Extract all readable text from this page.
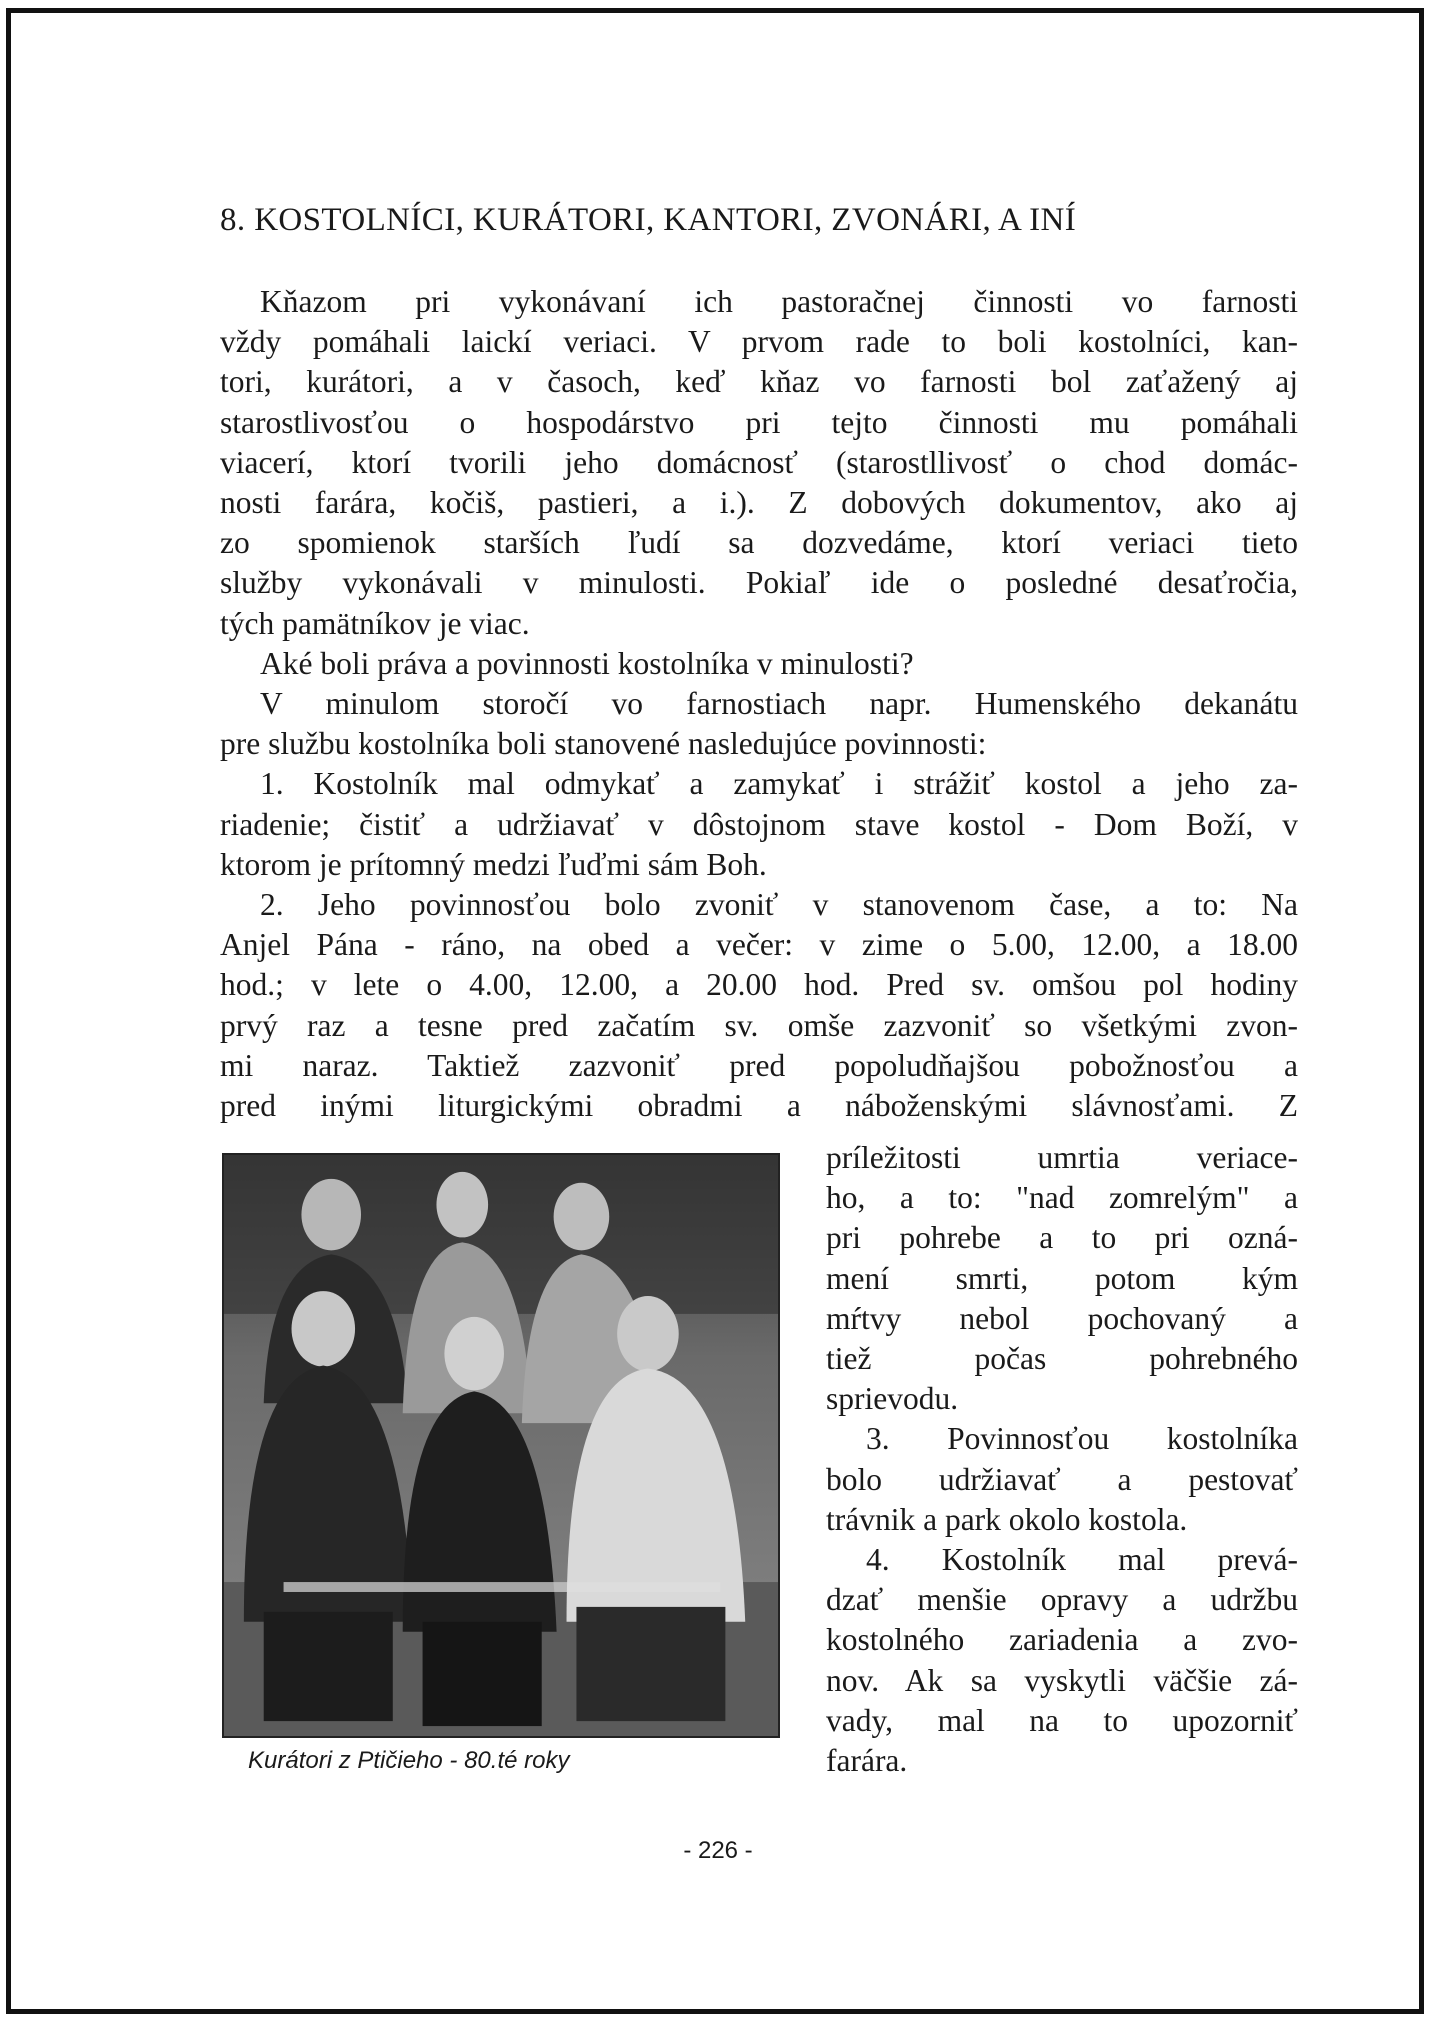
8. KOSTOLNÍCI, KURÁTORI, KANTORI, ZVONÁRI, A INÍ
Kňazom pri vykonávaní ich pastoračnej činnosti vo farnosti
vždy pomáhali laickí veriaci. V prvom rade to boli kostolníci, kan-
tori, kurátori, a v časoch, keď kňaz vo farnosti bol zaťažený aj
starostlivosťou o hospodárstvo pri tejto činnosti mu pomáhali
viacerí, ktorí tvorili jeho domácnosť (starostllivosť o chod domác-
nosti farára, kočiš, pastieri, a i.). Z dobových dokumentov, ako aj
zo spomienok starších ľudí sa dozvedáme, ktorí veriaci tieto
služby vykonávali v minulosti. Pokiaľ ide o posledné desaťročia,
tých pamätníkov je viac.
Aké boli práva a povinnosti kostolníka v minulosti?
V minulom storočí vo farnostiach napr. Humenského dekanátu
pre službu kostolníka boli stanovené nasledujúce povinnosti:
1. Kostolník mal odmykať a zamykať i strážiť kostol a jeho za-
riadenie; čistiť a udržiavať v dôstojnom stave kostol - Dom Boží, v
ktorom je prítomný medzi ľuďmi sám Boh.
2. Jeho povinnosťou bolo zvoniť v stanovenom čase, a to: Na
Anjel Pána - ráno, na obed a večer: v zime o 5.00, 12.00, a 18.00
hod.; v lete o 4.00, 12.00, a 20.00 hod. Pred sv. omšou pol hodiny
prvý raz a tesne pred začatím sv. omše zazvoniť so všetkými zvon-
mi naraz. Taktiež zazvoniť pred popoludňajšou pobožnosťou a
pred inými liturgickými obradmi a náboženskými slávnosťami. Z
Kurátori z Ptičieho - 80.té roky
príležitosti umrtia veriace-
ho, a to: "nad zomrelým" a
pri pohrebe a to pri ozná-
mení smrti, potom kým
mŕtvy nebol pochovaný a
tiež počas pohrebného
sprievodu.
3. Povinnosťou kostolníka
bolo udržiavať a pestovať
trávnik a park okolo kostola.
4. Kostolník mal prevá-
dzať menšie opravy a udržbu
kostolného zariadenia a zvo-
nov. Ak sa vyskytli väčšie zá-
vady, mal na to upozorniť
farára.
- 226 -
